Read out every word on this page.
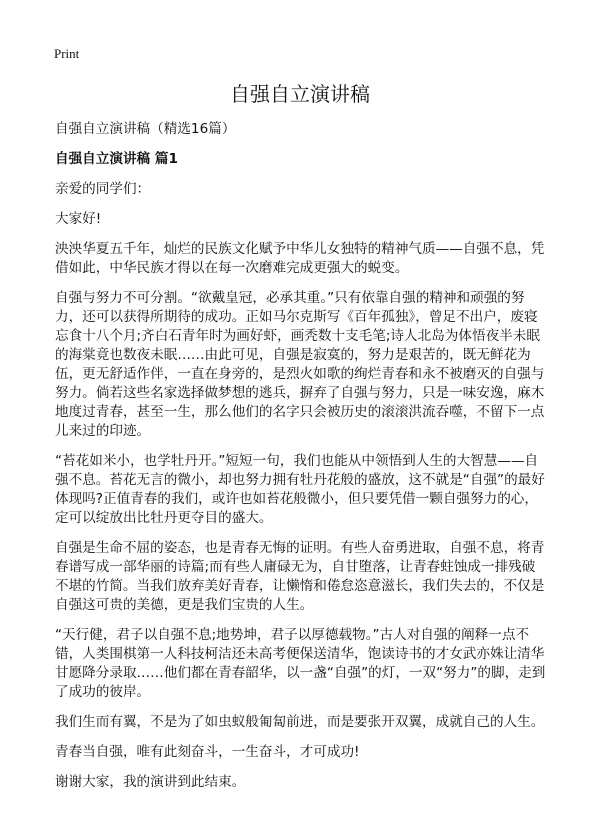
Print
自强自立演讲稿

自强自立演讲稿（精选16篇）

自强自立演讲稿 篇1

亲爱的同学们：

大家好!

泱泱华夏五千年，灿烂的民族文化赋予中华儿女独特的精神气质——自强不息，凭借如此，中华民族才得以在每一次磨难完成更强大的蜕变。

自强与努力不可分割。“欲戴皇冠，必承其重。”只有依靠自强的精神和顽强的努力，还可以获得所期待的成功。正如马尔克斯写《百年孤独》，曾足不出户，废寝忘食十八个月;齐白石青年时为画好虾，画秃数十支毛笔;诗人北岛为体悟夜半未眠的海棠竟也数夜未眠……由此可见，自强是寂寞的，努力是艰苦的，既无鲜花为伍，更无舒适作伴，一直在身旁的，是烈火如歌的绚烂青春和永不被磨灭的自强与努力。倘若这些名家选择做梦想的逃兵，摒弃了自强与努力，只是一味安逸，麻木地度过青春，甚至一生，那么他们的名字只会被历史的滚滚洪流吞噬，不留下一点儿来过的印迹。

“苔花如米小，也学牡丹开。”短短一句，我们也能从中领悟到人生的大智慧——自强不息。苔花无言的微小，却也努力拥有牡丹花般的盛放，这不就是“自强”的最好体现吗?正值青春的我们，或许也如苔花般微小，但只要凭借一颗自强努力的心，定可以绽放出比牡丹更夺目的盛大。

自强是生命不屈的姿态，也是青春无悔的证明。有些人奋勇进取，自强不息，将青春谱写成一部华丽的诗篇;而有些人庸碌无为，自甘堕落，让青春蛀蚀成一排残破不堪的竹简。当我们放弃美好青春，让懒惰和倦怠恣意滋长，我们失去的，不仅是自强这可贵的美德，更是我们宝贵的人生。

“天行健，君子以自强不息;地势坤，君子以厚德载物。”古人对自强的阐释一点不错，人类围棋第一人科技柯洁还未高考便保送清华，饱读诗书的才女武亦姝让清华甘愿降分录取……他们都在青春韶华，以一盏“自强”的灯，一双“努力”的脚，走到了成功的彼岸。

我们生而有翼，不是为了如虫蚁般匍匐前进，而是要张开双翼，成就自己的人生。

青春当自强，唯有此刻奋斗，一生奋斗，才可成功!

谢谢大家，我的演讲到此结束。
